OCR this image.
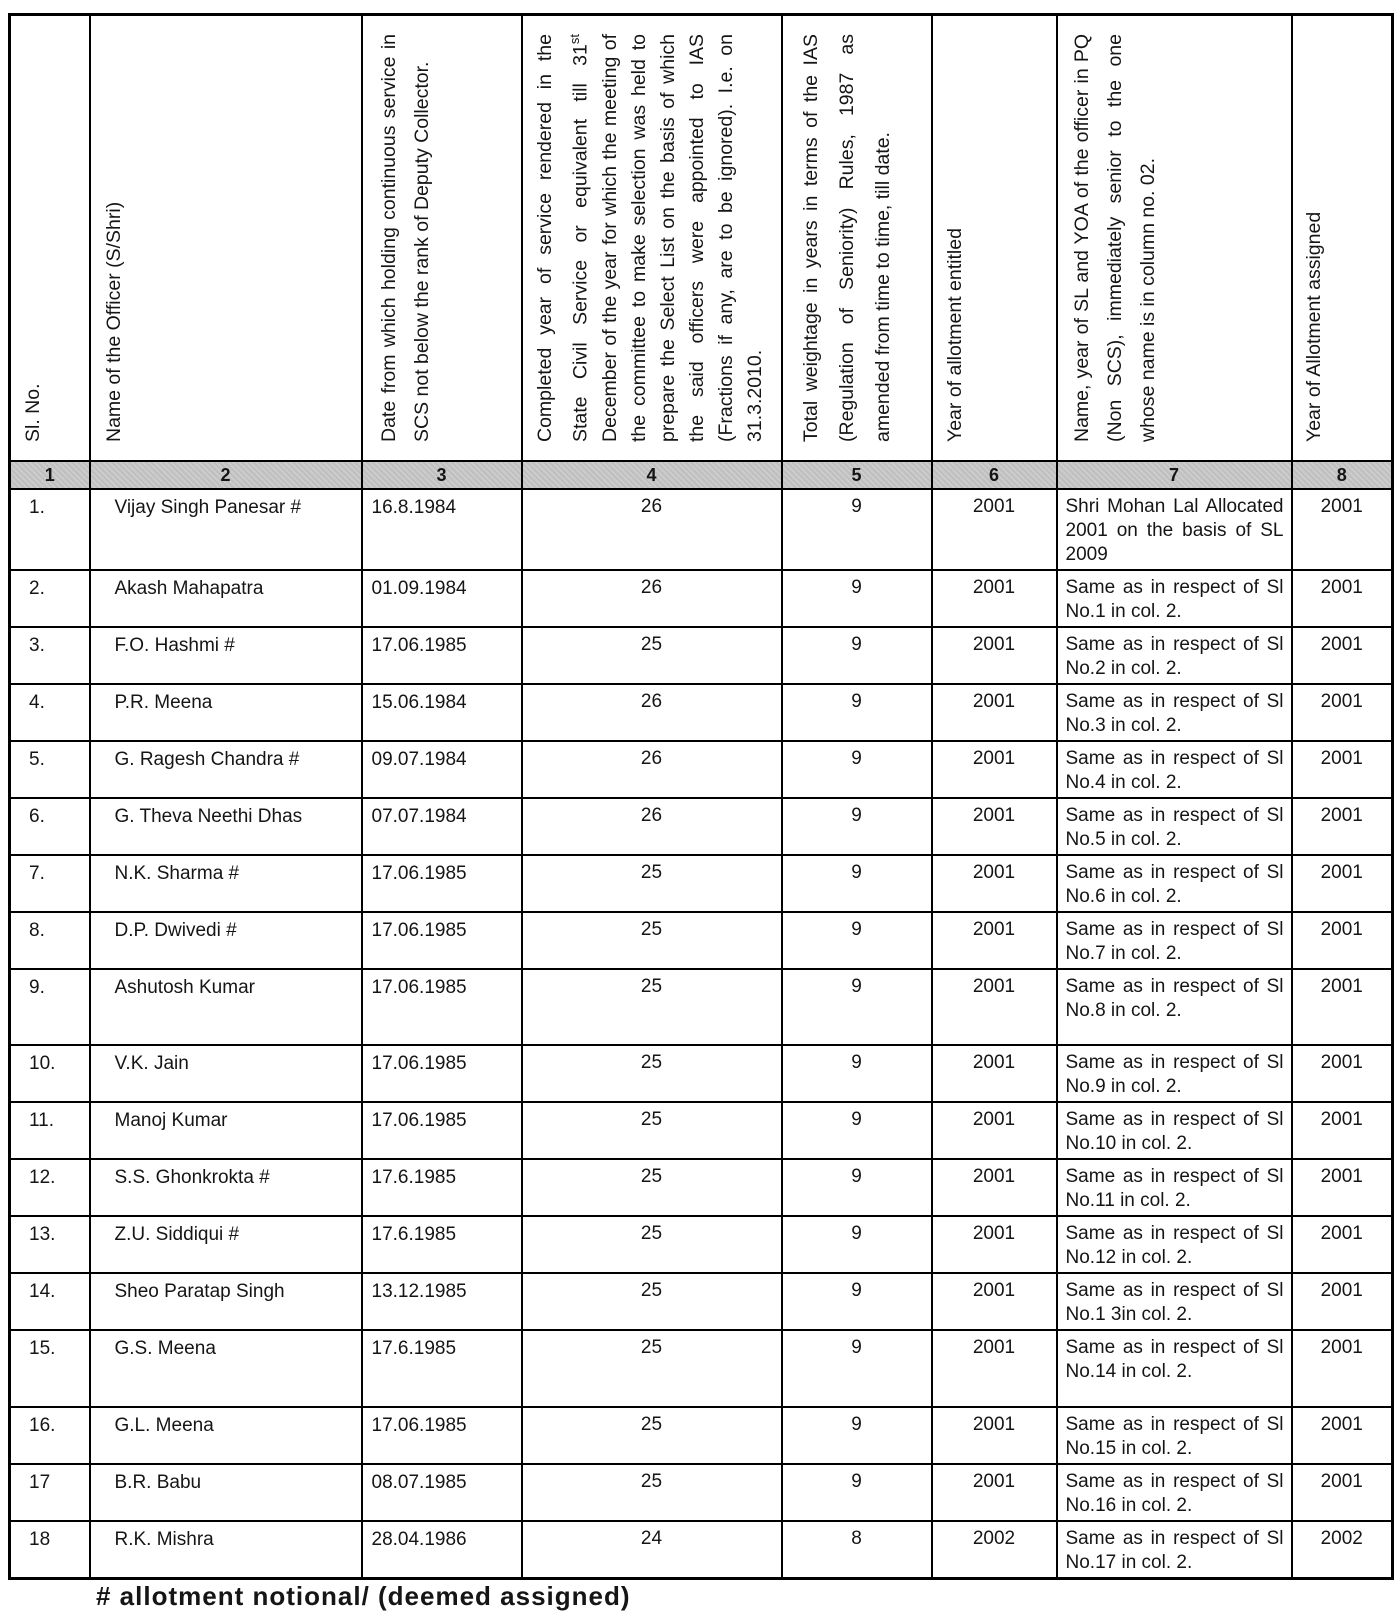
Sl. No.	Name of the Officer (S/Shri)	Date from which holding continuous service in SCS not below the rank of Deputy Collector.	Completed year of service rendered in the State Civil Service or equivalent till 31st December of the year for which the meeting of the committee to make selection was held to prepare the Select List on the basis of which the said officers were appointed to IAS (Fractions if any, are to be ignored). I.e. on 31.3.2010.	Total weightage in years in terms of the IAS (Regulation of Seniority) Rules, 1987 as amended from time to time, till date.	Year of allotment entitled	Name, year of SL and YOA of the officer in PQ (Non SCS), immediately senior to the one whose name is in column no. 02.	Year of Allotment assigned

1	2	3	4	5	6	7	8
1.	Vijay Singh Panesar #	16.8.1984	26	9	2001	Shri Mohan Lal Allocated 2001 on the basis of SL 2009	2001
2.	Akash Mahapatra	01.09.1984	26	9	2001	Same as in respect of Sl No.1 in col. 2.	2001
3.	F.O. Hashmi #	17.06.1985	25	9	2001	Same as in respect of Sl No.2 in col. 2.	2001
4.	P.R. Meena	15.06.1984	26	9	2001	Same as in respect of Sl No.3 in col. 2.	2001
5.	G. Ragesh Chandra #	09.07.1984	26	9	2001	Same as in respect of Sl No.4 in col. 2.	2001
6.	G. Theva Neethi Dhas	07.07.1984	26	9	2001	Same as in respect of Sl No.5 in col. 2.	2001
7.	N.K. Sharma #	17.06.1985	25	9	2001	Same as in respect of Sl No.6 in col. 2.	2001
8.	D.P. Dwivedi #	17.06.1985	25	9	2001	Same as in respect of Sl No.7 in col. 2.	2001
9.	Ashutosh Kumar	17.06.1985	25	9	2001	Same as in respect of Sl No.8 in col. 2.	2001
10.	V.K. Jain	17.06.1985	25	9	2001	Same as in respect of Sl No.9 in col. 2.	2001
11.	Manoj Kumar	17.06.1985	25	9	2001	Same as in respect of Sl No.10 in col. 2.	2001
12.	S.S. Ghonkrokta #	17.6.1985	25	9	2001	Same as in respect of Sl No.11 in col. 2.	2001
13.	Z.U. Siddiqui #	17.6.1985	25	9	2001	Same as in respect of Sl No.12 in col. 2.	2001
14.	Sheo Paratap Singh	13.12.1985	25	9	2001	Same as in respect of Sl No.1 3in col. 2.	2001
15.	G.S. Meena	17.6.1985	25	9	2001	Same as in respect of Sl No.14 in col. 2.	2001
16.	G.L. Meena	17.06.1985	25	9	2001	Same as in respect of Sl No.15 in col. 2.	2001
17	B.R. Babu	08.07.1985	25	9	2001	Same as in respect of Sl No.16 in col. 2.	2001
18	R.K. Mishra	28.04.1986	24	8	2002	Same as in respect of Sl No.17 in col. 2.	2002
# allotment notional/ (deemed assigned)
